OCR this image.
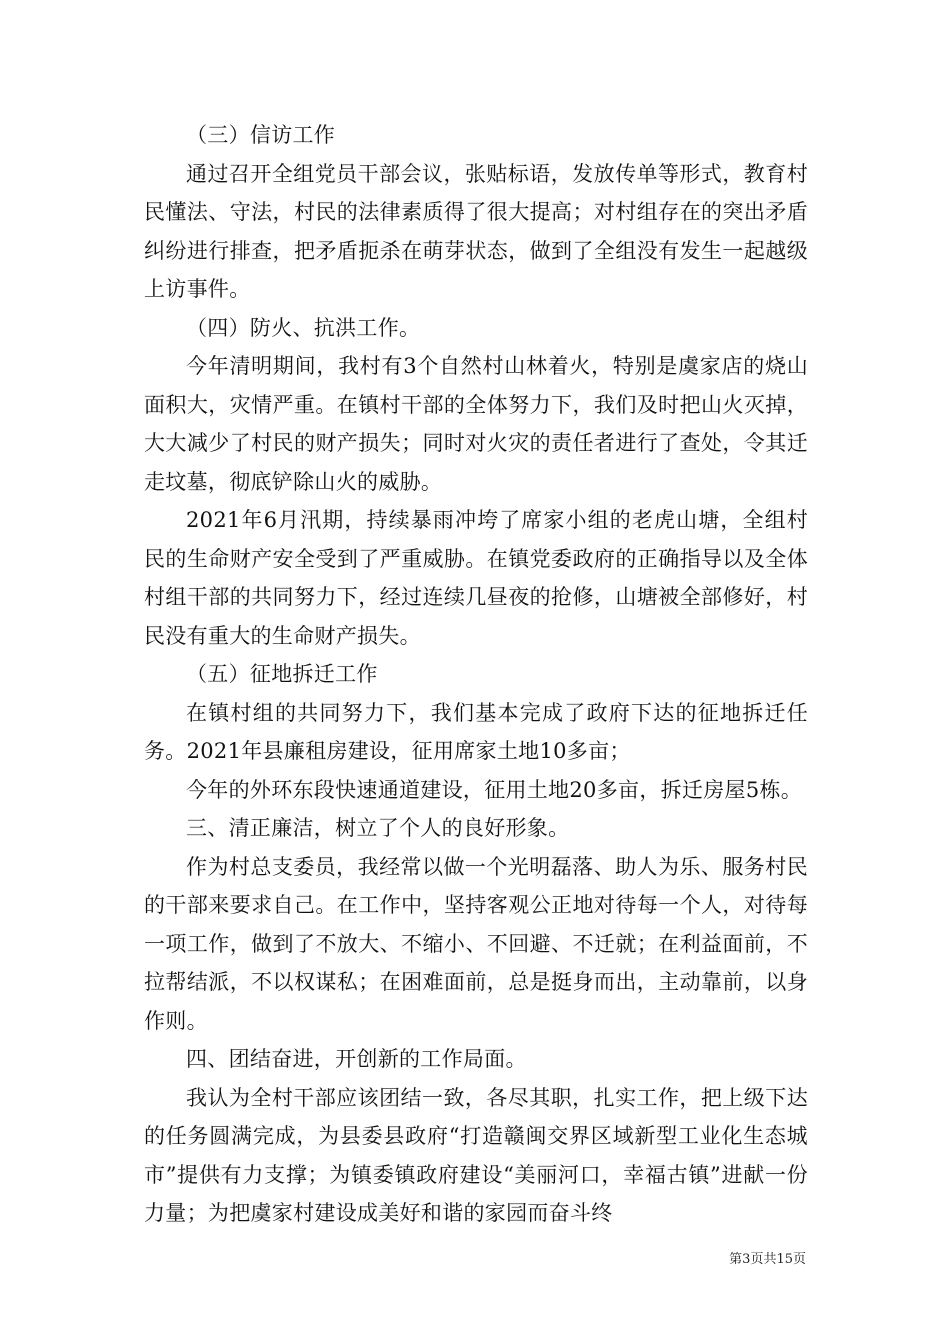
（三）信访工作

通过召开全组党员干部会议，张贴标语，发放传单等形式，教育村民懂法、守法，村民的法律素质得了很大提高；对村组存在的突出矛盾纠纷进行排查，把矛盾扼杀在萌芽状态，做到了全组没有发生一起越级上访事件。

（四）防火、抗洪工作。

今年清明期间，我村有3个自然村山林着火，特别是虞家店的烧山面积大，灾情严重。在镇村干部的全体努力下，我们及时把山火灭掉，大大减少了村民的财产损失；同时对火灾的责任者进行了查处，令其迁走坟墓，彻底铲除山火的威胁。

2021年6月汛期，持续暴雨冲垮了席家小组的老虎山塘，全组村民的生命财产安全受到了严重威胁。在镇党委政府的正确指导以及全体村组干部的共同努力下，经过连续几昼夜的抢修，山塘被全部修好，村民没有重大的生命财产损失。

（五）征地拆迁工作

在镇村组的共同努力下，我们基本完成了政府下达的征地拆迁任务。2021年县廉租房建设，征用席家土地10多亩；

今年的外环东段快速通道建设，征用土地20多亩，拆迁房屋5栋。

三、清正廉洁，树立了个人的良好形象。

作为村总支委员，我经常以做一个光明磊落、助人为乐、服务村民的干部来要求自己。在工作中，坚持客观公正地对待每一个人，对待每一项工作，做到了不放大、不缩小、不回避、不迁就；在利益面前，不拉帮结派，不以权谋私；在困难面前，总是挺身而出，主动靠前，以身作则。

四、团结奋进，开创新的工作局面。

我认为全村干部应该团结一致，各尽其职，扎实工作，把上级下达的任务圆满完成，为县委县政府“打造赣闽交界区域新型工业化生态城市”提供有力支撑；为镇委镇政府建设“美丽河口，幸福古镇”进献一份力量；为把虞家村建设成美好和谐的家园而奋斗终

第3页共15页
